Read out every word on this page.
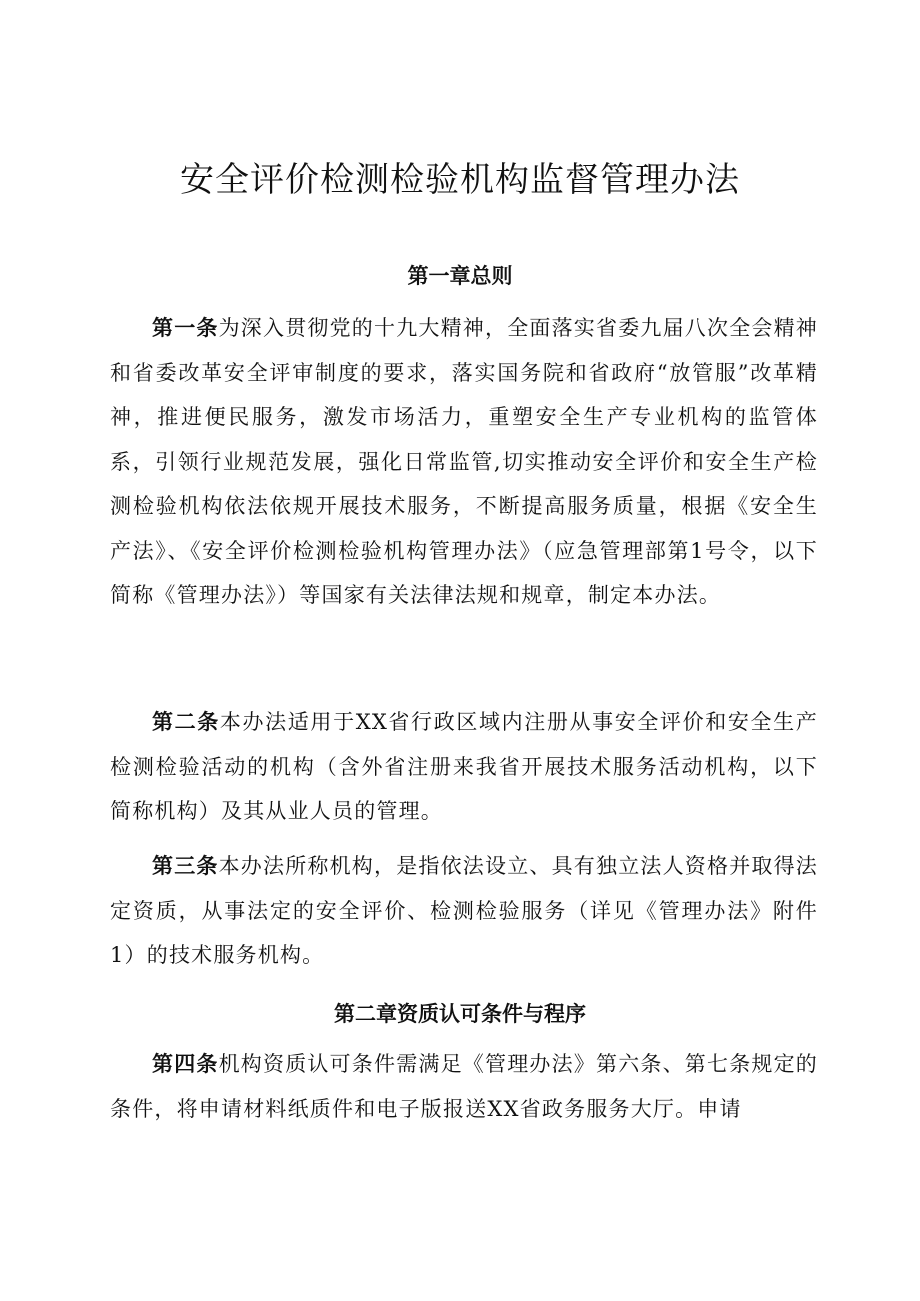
安全评价检测检验机构监督管理办法
第一章总则

第一条为深入贯彻党的十九大精神，全面落实省委九届八次全会精神和省委改革安全评审制度的要求，落实国务院和省政府“放管服”改革精神，推进便民服务，激发市场活力，重塑安全生产专业机构的监管体系，引领行业规范发展，强化日常监管,切实推动安全评价和安全生产检测检验机构依法依规开展技术服务，不断提高服务质量，根据《安全生产法》、《安全评价检测检验机构管理办法》（应急管理部第1号令，以下简称《管理办法》）等国家有关法律法规和规章，制定本办法。

第二条本办法适用于XX省行政区域内注册从事安全评价和安全生产检测检验活动的机构（含外省注册来我省开展技术服务活动机构，以下简称机构）及其从业人员的管理。

第三条本办法所称机构，是指依法设立、具有独立法人资格并取得法定资质，从事法定的安全评价、检测检验服务（详见《管理办法》附件1）的技术服务机构。

第二章资质认可条件与程序

第四条机构资质认可条件需满足《管理办法》第六条、第七条规定的条件，将申请材料纸质件和电子版报送XX省政务服务大厅。申请
